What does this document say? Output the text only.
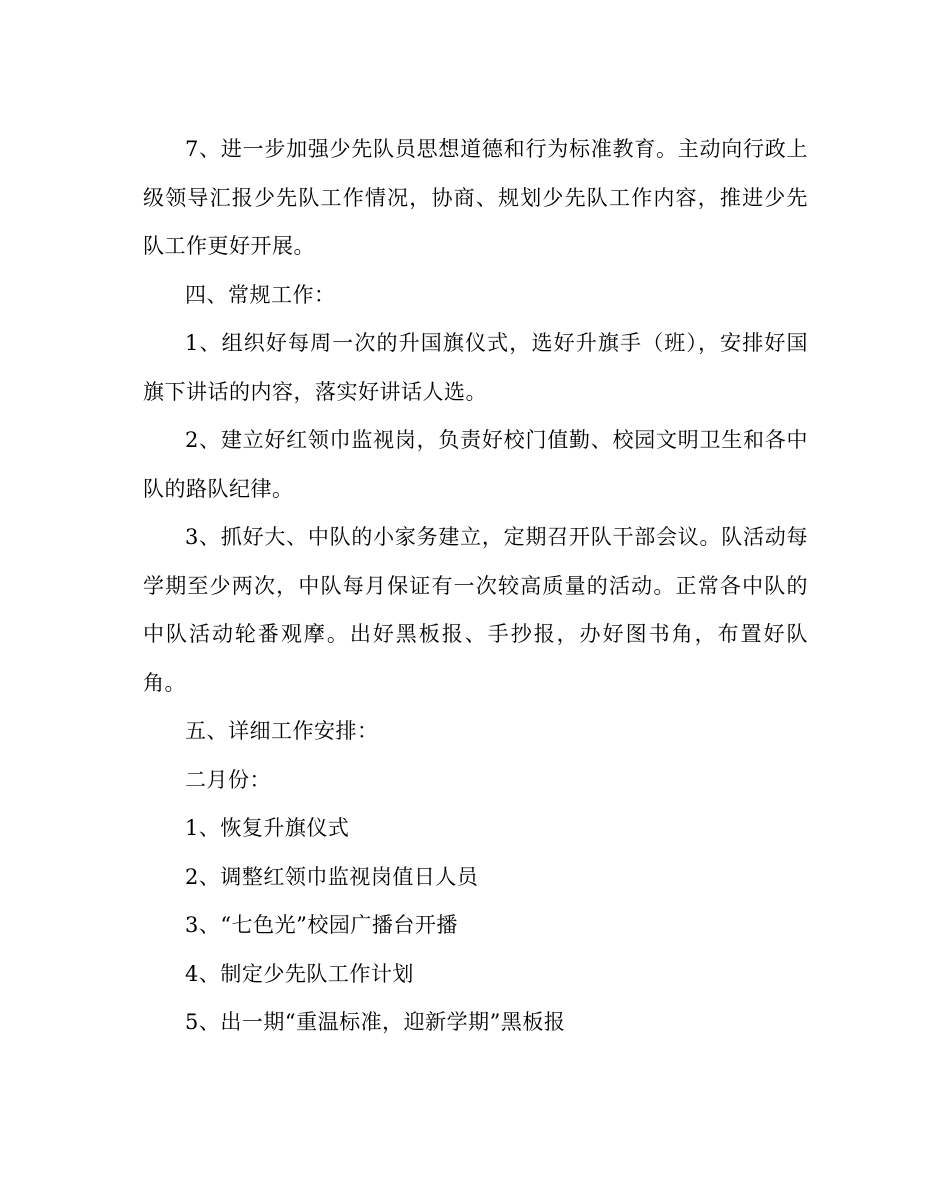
7、进一步加强少先队员思想道德和行为标准教育。主动向行政上级领导汇报少先队工作情况，协商、规划少先队工作内容，推进少先队工作更好开展。

四、常规工作：

1、组织好每周一次的升国旗仪式，选好升旗手（班），安排好国旗下讲话的内容，落实好讲话人选。

2、建立好红领巾监视岗，负责好校门值勤、校园文明卫生和各中队的路队纪律。

3、抓好大、中队的小家务建立，定期召开队干部会议。队活动每学期至少两次，中队每月保证有一次较高质量的活动。正常各中队的中队活动轮番观摩。出好黑板报、手抄报，办好图书角，布置好队角。

五、详细工作安排：

二月份：

1、恢复升旗仪式

2、调整红领巾监视岗值日人员

3、“七色光”校园广播台开播

4、制定少先队工作计划

5、出一期“重温标准，迎新学期”黑板报
